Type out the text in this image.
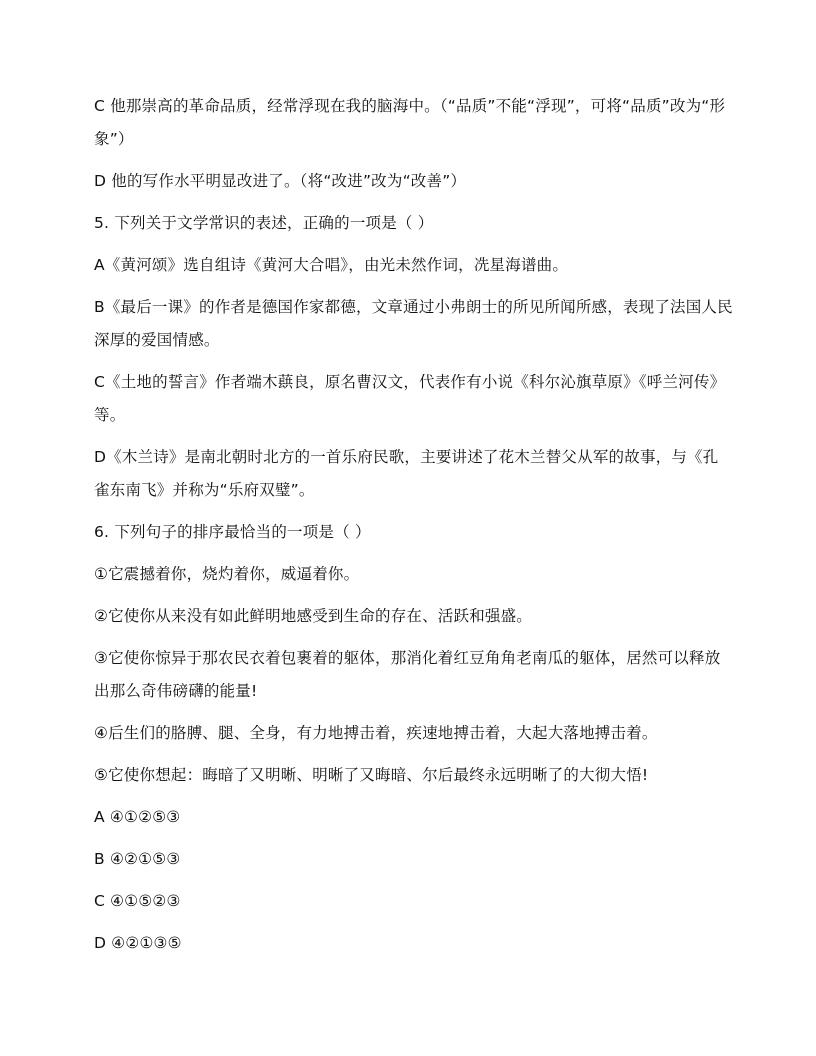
C 他那崇高的革命品质，经常浮现在我的脑海中。（“品质”不能“浮现”，可将“品质”改为“形象”）

D 他的写作水平明显改进了。（将“改进”改为“改善”）

5. 下列关于文学常识的表述，正确的一项是（ ）

A《黄河颂》选自组诗《黄河大合唱》，由光未然作词，冼星海谱曲。

B《最后一课》的作者是德国作家都德，文章通过小弗朗士的所见所闻所感，表现了法国人民深厚的爱国情感。

C《土地的誓言》作者端木蕻良，原名曹汉文，代表作有小说《科尔沁旗草原》《呼兰河传》等。

D《木兰诗》是南北朝时北方的一首乐府民歌，主要讲述了花木兰替父从军的故事，与《孔雀东南飞》并称为“乐府双璧”。

6. 下列句子的排序最恰当的一项是（ ）

①它震撼着你，烧灼着你，威逼着你。

②它使你从来没有如此鲜明地感受到生命的存在、活跃和强盛。

③它使你惊异于那农民衣着包裹着的躯体，那消化着红豆角角老南瓜的躯体，居然可以释放出那么奇伟磅礴的能量!

④后生们的胳膊、腿、全身，有力地搏击着，疾速地搏击着，大起大落地搏击着。

⑤它使你想起：晦暗了又明晰、明晰了又晦暗、尔后最终永远明晰了的大彻大悟!

A ④①②⑤③

B ④②①⑤③

C ④①⑤②③

D ④②①③⑤
